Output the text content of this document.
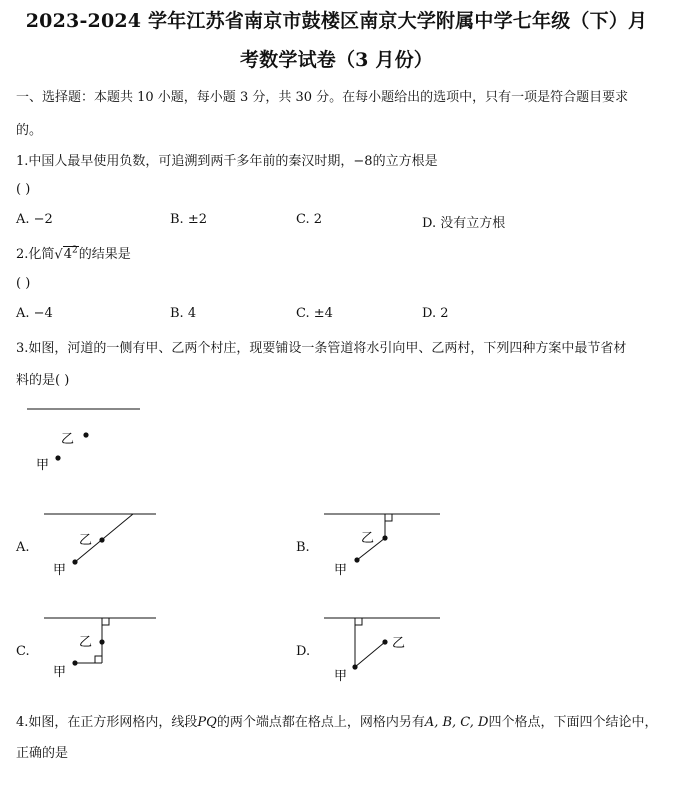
2023-2024 学年江苏省南京市鼓楼区南京大学附属中学七年级（下）月
考数学试卷（3 月份）
一、选择题：本题共 10 小题，每小题 3 分，共 30 分。在每小题给出的选项中，只有一项是符合题目要求
的。
1.中国人最早使用负数，可追溯到两千多年前的秦汉时期，−8的立方根是
( )
A. −2	B. ±2	C. 2	D. 没有立方根
2.化简$√4^2$的结果是
( )
A. −4	B. 4	C. ±4	D. 2
3.如图，河道的一侧有甲、乙两个村庄，现要铺设一条管道将水引向甲、乙两村，下列四种方案中最节省材
料的是( )
乙
甲
A.	乙
甲
B.
乙
甲
C.
乙
甲
D.
乙
甲
4.如图，在正方形网格内，线段PQ的两个端点都在格点上，网格内另有A, B, C, D四个格点，下面四个结论中，
正确的是
